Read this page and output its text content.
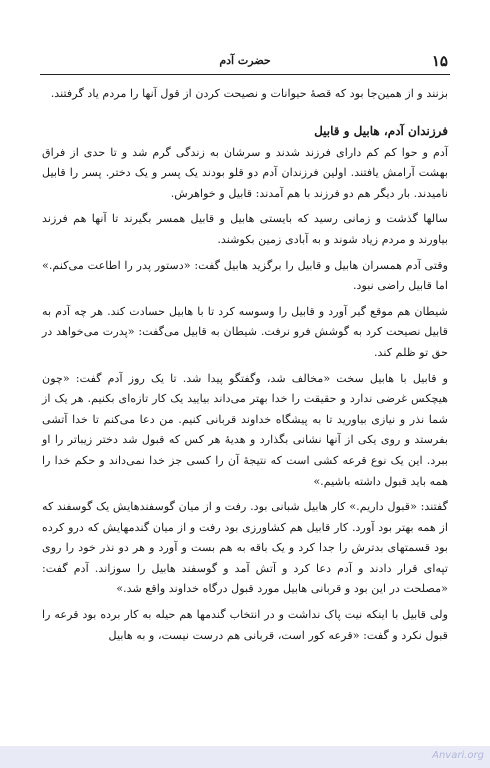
۱۵
حضرت آدم

بزنند و از همین‌جا بود که قصهٔ حیوانات و نصیحت کردن از قول آنها را مردم یاد گرفتند.

فرزندان آدم، هابیل و قابیل

آدم و حوا کم کم دارای فرزند شدند و سرشان به زندگی گرم شد و تا حدی از فراق بهشت آرامش یافتند. اولین فرزندان آدم دو قلو بودند یک پسر و یک دختر. پسر را قابیل نامیدند. بار دیگر هم دو فرزند با هم آمدند: قابیل و خواهرش.

سالها گذشت و زمانی رسید که بایستی هابیل و قابیل همسر بگیرند تا آنها هم فرزند بیاورند و مردم زیاد شوند و به آبادی زمین بکوشند.

وقتی آدم همسران هابیل و قابیل را برگزید هابیل گفت: «دستور پدر را اطاعت می‌کنم.» اما قابیل راضی نبود.

شیطان هم موقع گیر آورد و قابیل را وسوسه کرد تا با هابیل حسادت کند. هر چه آدم به قابیل نصیحت کرد به گوشش فرو نرفت. شیطان به قابیل می‌گفت: «پدرت می‌خواهد در حق تو ظلم کند.

و قابیل با هابیل سخت «مخالف شد، وگفتگو پیدا شد. تا یک روز آدم گفت: «چون هیچکس غرضی ندارد و حقیقت را خدا بهتر می‌داند بیایید یک کار تازه‌ای بکنیم. هر یک از شما نذر و نیازی بیاورید تا به پیشگاه خداوند قربانی کنیم. من دعا می‌کنم تا خدا آتشی بفرستد و روی یکی از آنها نشانی بگذارد و هدیهٔ هر کس که قبول شد دختر زیباتر را او ببرد. این یک نوع قرعه کشی است که نتیجهٔ آن را کسی جز خدا نمی‌داند و حکم خدا را همه باید قبول داشته باشیم.»

گفتند: «قبول داریم.» کار هابیل شبانی بود. رفت و از میان گوسفندهایش یک گوسفند که از همه بهتر بود آورد. کار قابیل هم کشاورزی بود رفت و از میان گندمهایش که درو کرده بود قسمتهای بدترش را جدا کرد و یک باقه به هم بست و آورد و هر دو نذر خود را روی تپه‌ای قرار دادند و آدم دعا کرد و آتش آمد و گوسفند هابیل را سوزاند. آدم گفت: «مصلحت در این بود و قربانی هابیل مورد قبول درگاه خداوند واقع شد.»

ولی قابیل با اینکه نیت پاک نداشت و در انتخاب گندمها هم حیله به کار برده بود قرعه را قبول نکرد و گفت: «قرعه کور است، قربانی هم درست نیست، و به هابیل

Anvari.org
